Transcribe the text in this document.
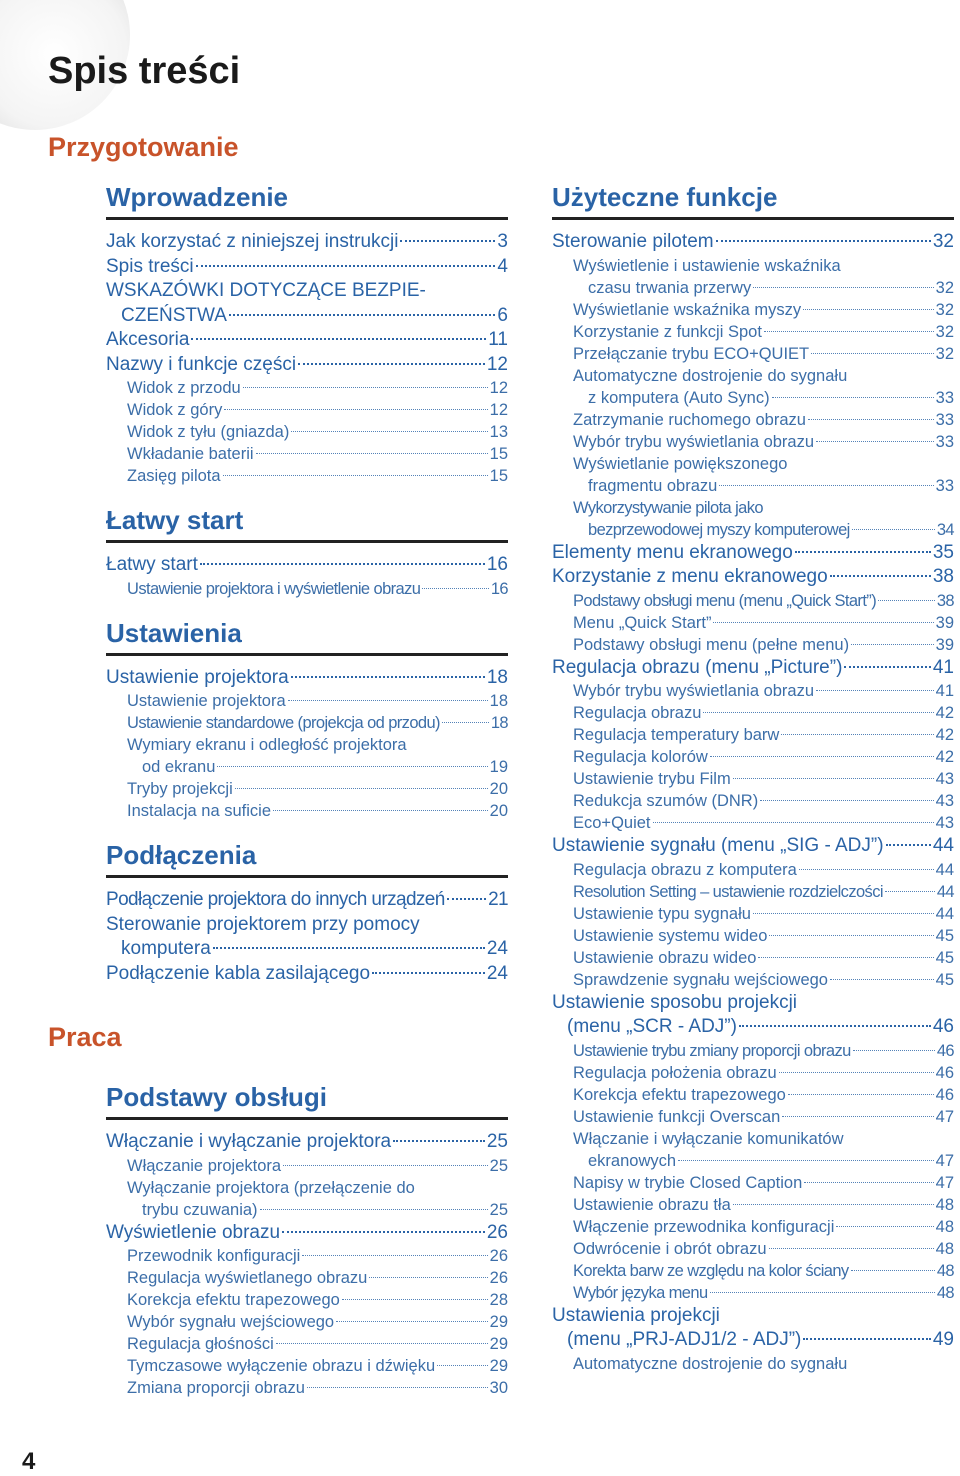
Spis treści
Przygotowanie
Praca
Wprowadzenie
Jak korzystać z niniejszej instrukcji	3
Spis treści	4
WSKAZÓWKI DOTYCZĄCE BEZPIE-
CZEŃSTWA	6
Akcesoria	11
Nazwy i funkcje części	12
Widok z przodu	12
Widok z góry	12
Widok z tyłu (gniazda)	13
Wkładanie baterii	15
Zasięg pilota	15
Łatwy start
Łatwy start	16
Ustawienie projektora i wyświetlenie obrazu	16
Ustawienia
Ustawienie projektora	18
Ustawienie projektora	18
Ustawienie standardowe (projekcja od przodu)	18
Wymiary ekranu i odległość projektora
od ekranu	19
Tryby projekcji	20
Instalacja na suficie	20
Podłączenia
Podłączenie projektora do innych urządzeń 21
Sterowanie projektorem przy pomocy
komputera	24
Podłączenie kabla zasilającego	24
Podstawy obsługi
Włączanie i wyłączanie projektora	25
Włączanie projektora	25
Wyłączanie projektora (przełączenie do
trybu czuwania)	25
Wyświetlenie obrazu	26
Przewodnik konfiguracji	26
Regulacja wyświetlanego obrazu	26
Korekcja efektu trapezowego	28
Wybór sygnału wejściowego	29
Regulacja głośności	29
Tymczasowe wyłączenie obrazu i dźwięku	29
Zmiana proporcji obrazu	30
Użyteczne funkcje
Sterowanie pilotem	32
Wyświetlenie i ustawienie wskaźnika
czasu trwania przerwy	32
Wyświetlanie wskaźnika myszy	32
Korzystanie z funkcji Spot	32
Przełączanie trybu ECO+QUIET	32
Automatyczne dostrojenie do sygnału
z komputera (Auto Sync)	33
Zatrzymanie ruchomego obrazu	33
Wybór trybu wyświetlania obrazu	33
Wyświetlanie powiększonego
fragmentu obrazu	33
Wykorzystywanie pilota jako
bezprzewodowej myszy komputerowej	34
Elementy menu ekranowego	35
Korzystanie z menu ekranowego	38
Podstawy obsługi menu (menu „Quick Start”)	38
Menu „Quick Start”	39
Podstawy obsługi menu (pełne menu)	39
Regulacja obrazu (menu „Picture”)	41
Wybór trybu wyświetlania obrazu	41
Regulacja obrazu	42
Regulacja temperatury barw	42
Regulacja kolorów	42
Ustawienie trybu Film	43
Redukcja szumów (DNR)	43
Eco+Quiet	43
Ustawienie sygnału (menu „SIG - ADJ”)	44
Regulacja obrazu z komputera	44
Resolution Setting – ustawienie rozdzielczości	44
Ustawienie typu sygnału	44
Ustawienie systemu wideo	45
Ustawienie obrazu wideo	45
Sprawdzenie sygnału wejściowego	45
Ustawienie sposobu projekcji
(menu „SCR - ADJ”)	46
Ustawienie trybu zmiany proporcji obrazu	46
Regulacja położenia obrazu	46
Korekcja efektu trapezowego	46
Ustawienie funkcji Overscan	47
Włączanie i wyłączanie komunikatów
ekranowych	47
Napisy w trybie Closed Caption	47
Ustawienie obrazu tła	48
Włączenie przewodnika konfiguracji	48
Odwrócenie i obrót obrazu	48
Korekta barw ze względu na kolor ściany	48
Wybór języka menu	48
Ustawienia projekcji
(menu „PRJ-ADJ1/2 - ADJ”)	49
Automatyczne dostrojenie do sygnału
4
